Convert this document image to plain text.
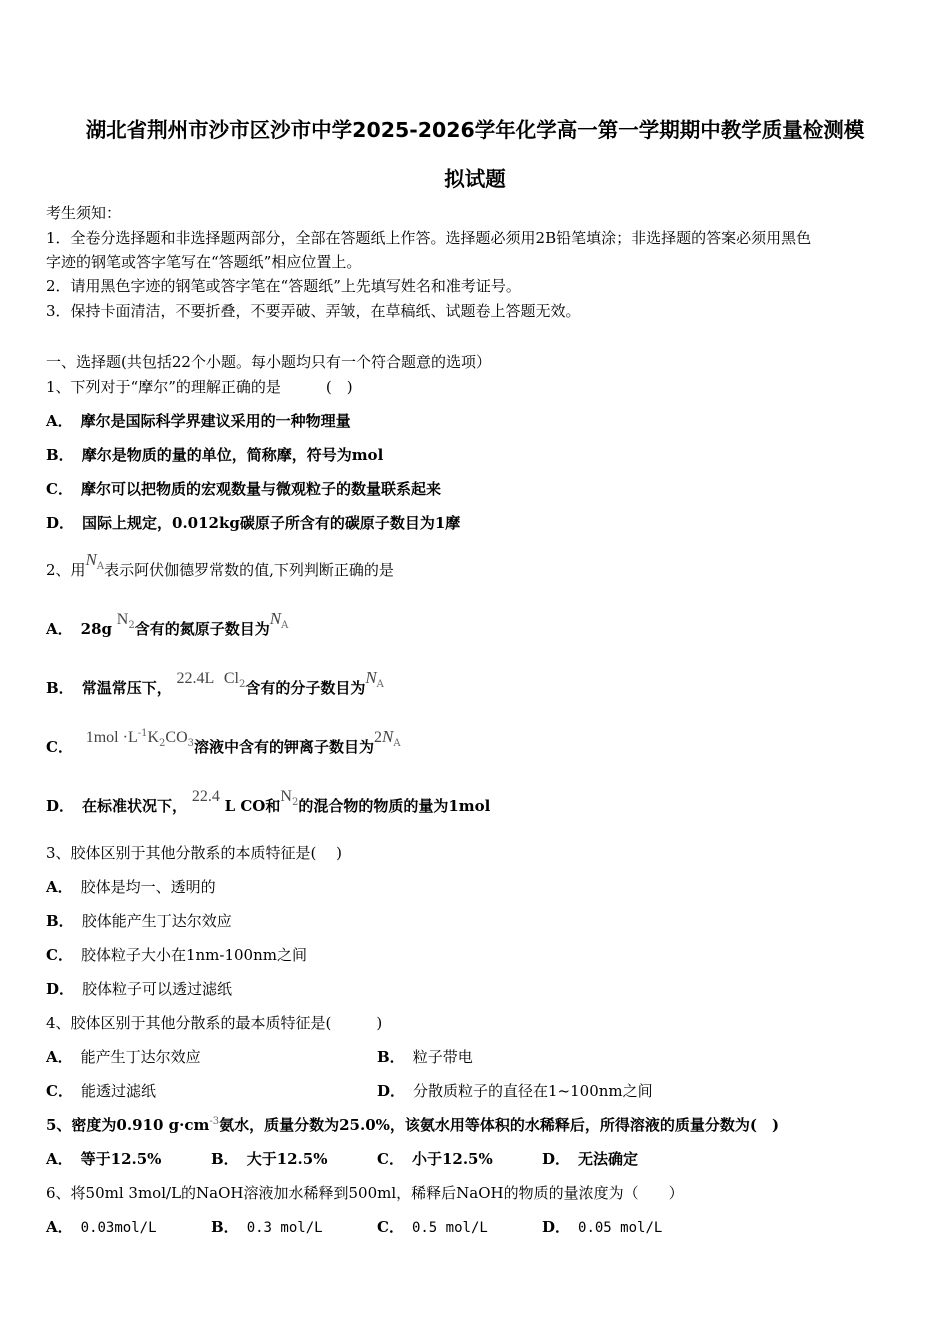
湖北省荆州市沙市区沙市中学2025-2026学年化学高一第一学期期中教学质量检测模
拟试题
考生须知：
1．全卷分选择题和非选择题两部分，全部在答题纸上作答。选择题必须用2B铅笔填涂；非选择题的答案必须用黑色
字迹的钢笔或答字笔写在“答题纸”相应位置上。
2．请用黑色字迹的钢笔或答字笔在“答题纸”上先填写姓名和准考证号。
3．保持卡面清洁，不要折叠，不要弄破、弄皱，在草稿纸、试题卷上答题无效。
一、选择题(共包括22个小题。每小题均只有一个符合题意的选项）
1、下列对于“摩尔”的理解正确的是　　　(　)
A． 摩尔是国际科学界建议采用的一种物理量
B． 摩尔是物质的量的单位，简称摩，符号为mol
C． 摩尔可以把物质的宏观数量与微观粒子的数量联系起来
D． 国际上规定，0.012kg碳原子所含有的碳原子数目为1摩
2、用$N_A$表示阿伏伽德罗常数的值,下列判断正确的是
A． 28g $N_2$含有的氮原子数目为$N_A$
B． 常温常压下， 22.4L $Cl_2$含有的分子数目为$N_A$
C． $1mol \cdot L^{-1}K_2CO_3$溶液中含有的钾离子数目为$2N_A$
D． 在标准状况下， 22.4 L CO和$N_2$的混合物的物质的量为1mol
3、胶体区别于其他分散系的本质特征是(　 )
A． 胶体是均一、透明的
B． 胶体能产生丁达尔效应
C． 胶体粒子大小在1nm-100nm之间
D． 胶体粒子可以透过滤纸
4、胶体区别于其他分散系的最本质特征是(　　　)
A． 能产生丁达尔效应	B． 粒子带电
C． 能透过滤纸	D． 分散质粒子的直径在1~100nm之间
5、密度为0.910 $g\cdot cm^{-3}$氨水，质量分数为25.0%，该氨水用等体积的水稀释后，所得溶液的质量分数为(　)
A． 等于12.5%	B． 大于12.5%	C． 小于12.5%	D． 无法确定
6、将50ml 3mol/L的NaOH溶液加水稀释到500ml，稀释后NaOH的物质的量浓度为（　　）
A． 0.03mol/L	B． 0.3 mol/L	C． 0.5 mol/L	D． 0.05 mol/L
